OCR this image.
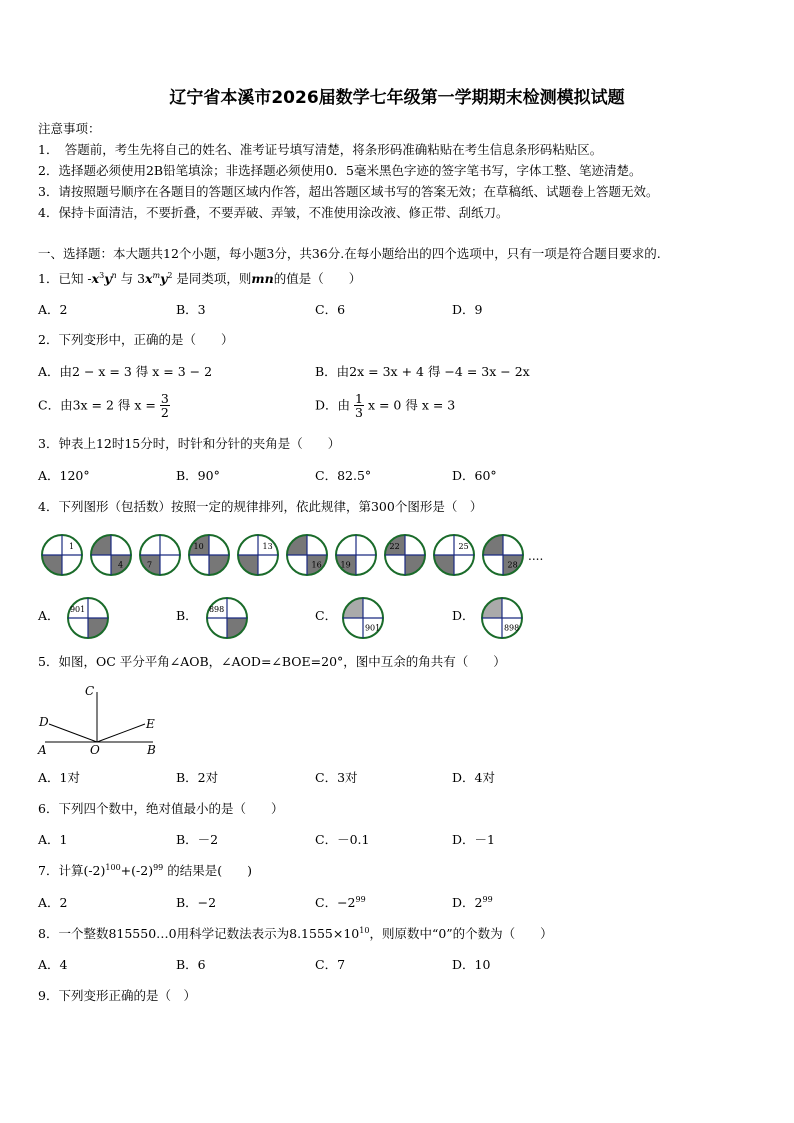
辽宁省本溪市2026届数学七年级第一学期期末检测模拟试题
注意事项：
1．　答题前，考生先将自己的姓名、准考证号填写清楚，将条形码准确粘贴在考生信息条形码粘贴区。
2．选择题必须使用2B铅笔填涂；非选择题必须使用0．5毫米黑色字迹的签字笔书写，字体工整、笔迹清楚。
3．请按照题号顺序在各题目的答题区域内作答，超出答题区域书写的答案无效；在草稿纸、试题卷上答题无效。
4．保持卡面清洁，不要折叠，不要弄破、弄皱，不准使用涂改液、修正带、刮纸刀。
一、选择题：本大题共12个小题，每小题3分，共36分.在每小题给出的四个选项中，只有一项是符合题目要求的.
1．已知 $-x^3y^n$ 与 $3x^my^2$ 是同类项，则mn的值是（　　）
A．2	B．3	C．6	D．9
2．下列变形中，正确的是（　　）
A．由2 − x = 3 得 x = 3 − 2	B．由2x = 3x + 4 得 −4 = 3x − 2x
C．由3x = 2 得 $x = \frac{3}{2}$	D．由 $\frac{1}{3}$ x = 0 得 x = 3
3．钟表上12时15分时，时针和分针的夹角是（　　）
A．120°	B．90°	C．82.5°	D．60°
4．下列图形（包括数）按照一定的规律排列，依此规律，第300个图形是（　）
1
4	7
10	13
16 19
22	25
28
....
A．	B．	C．	D．
901	898
901	898
5．如图，OC 平分平角∠AOB，∠AOD=∠BOE=20°，图中互余的角共有（　　）
C
D	E
A	O	B
A．1对	B．2对	C．3对	D．4对
6．下列四个数中，绝对值最小的是（　　）
A．1	B．－2	C．－0.1	D．－1
7．计算$(-2)^{100}+(-2)^{99}$ 的结果是(　　)
A．2	B．−2	C．$-2^{99}$	D．$2^{99}$
8．一个整数815550…0用科学记数法表示为$8.1555\times 10^{10}$，则原数中“0”的个数为（　　）
A．4	B．6	C．7	D．10
9．下列变形正确的是（　）
